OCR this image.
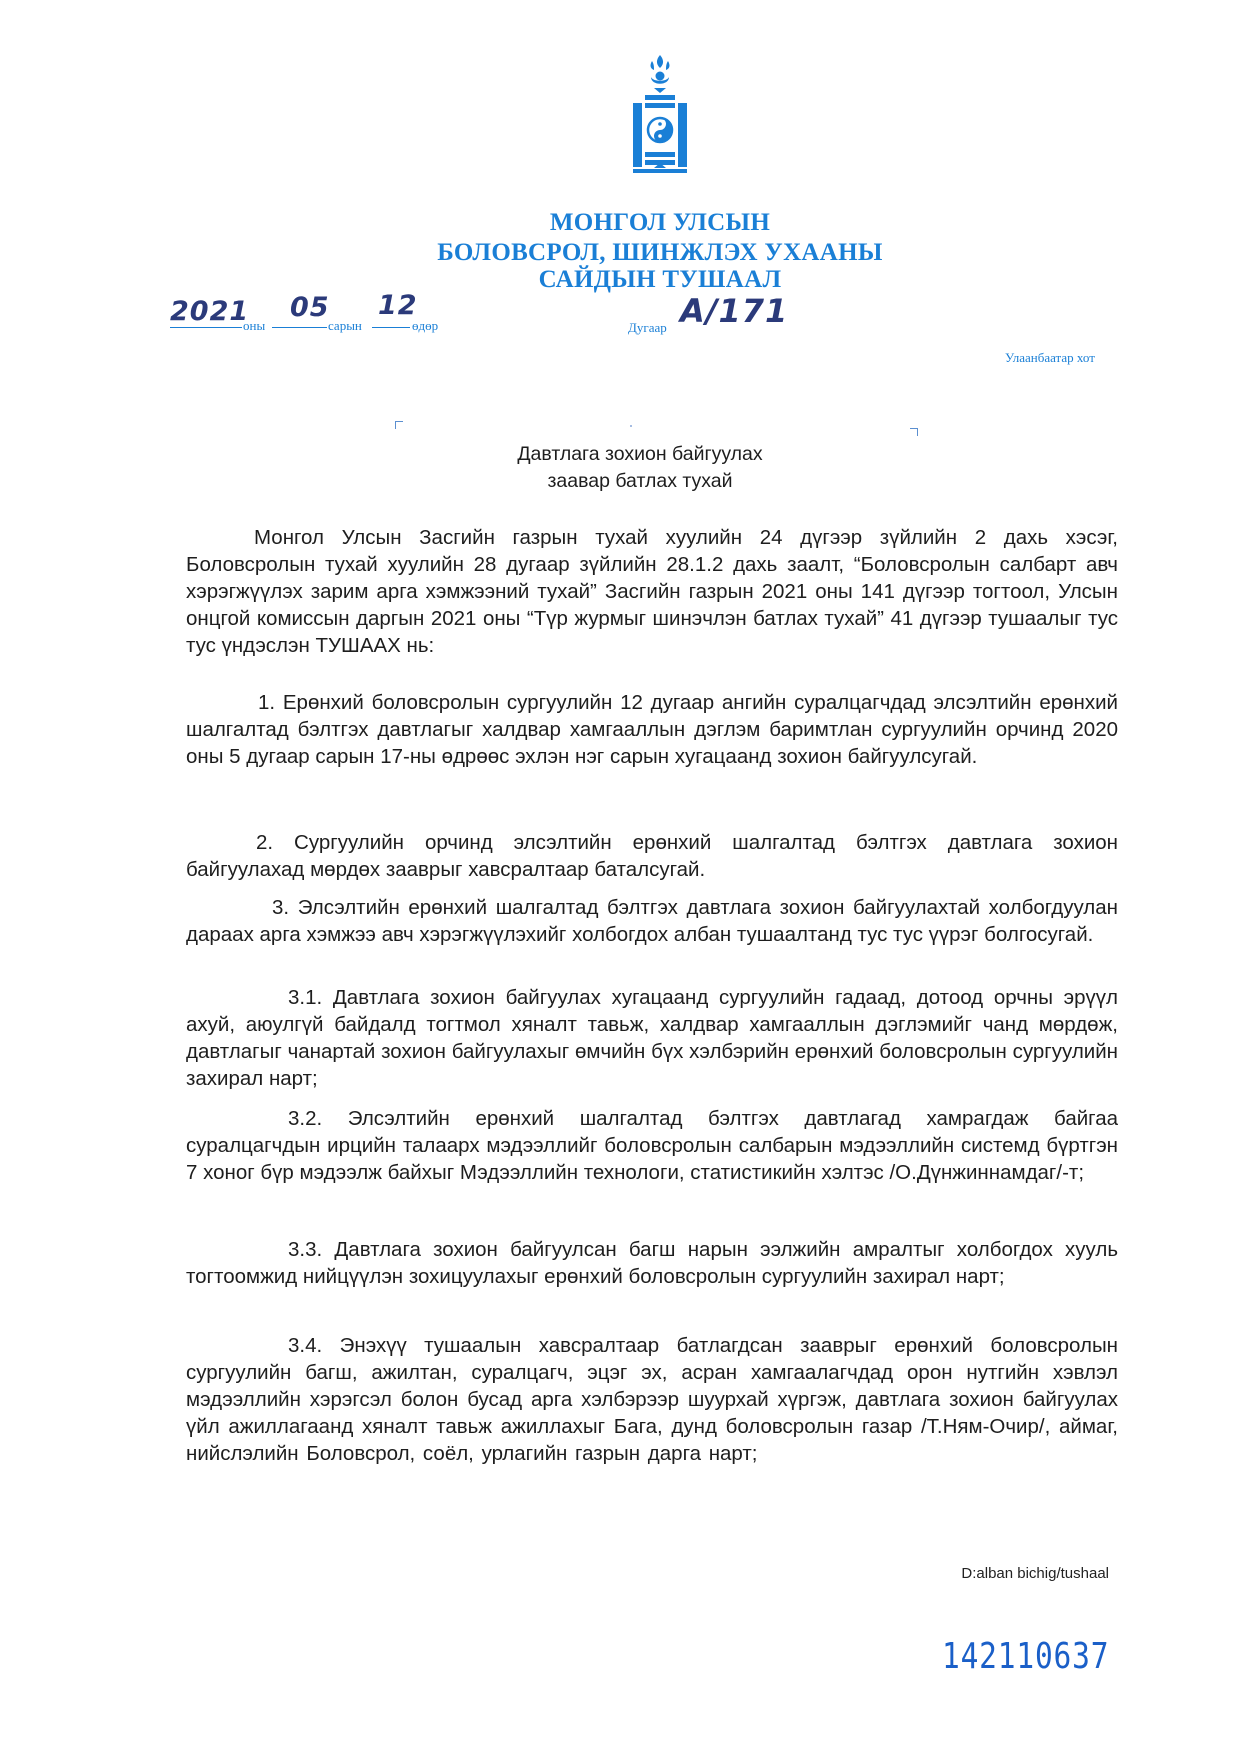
МОНГОЛ УЛСЫН
БОЛОВСРОЛ, ШИНЖЛЭХ УХААНЫ
САЙДЫН ТУШААЛ
2021
оны
05
сарын
12
өдөр	Дугаар А/171
Улаанбаатар хот
Давтлага зохион байгуулах
заавар батлах тухай

Монгол Улсын Засгийн газрын тухай хуулийн 24 дүгээр зүйлийн 2 дахь хэсэг, Боловсролын тухай хуулийн 28 дугаар зүйлийн 28.1.2 дахь заалт, “Боловсролын салбарт авч хэрэгжүүлэх зарим арга хэмжээний тухай” Засгийн газрын 2021 оны 141 дүгээр тогтоол, Улсын онцгой комиссын даргын 2021 оны “Түр журмыг шинэчлэн батлах тухай” 41 дүгээр тушаалыг тус тус үндэслэн ТУШААХ нь:

1. Ерөнхий боловсролын сургуулийн 12 дугаар ангийн суралцагчдад элсэлтийн ерөнхий шалгалтад бэлтгэх давтлагыг халдвар хамгааллын дэглэм баримтлан сургуулийн орчинд 2020 оны 5 дугаар сарын 17-ны өдрөөс эхлэн нэг сарын хугацаанд зохион байгуулсугай.

2. Сургуулийн орчинд элсэлтийн ерөнхий шалгалтад бэлтгэх давтлага зохион байгуулахад мөрдөх зааврыг хавсралтаар баталсугай.

3. Элсэлтийн ерөнхий шалгалтад бэлтгэх давтлага зохион байгуулахтай холбогдуулан дараах арга хэмжээ авч хэрэгжүүлэхийг холбогдох албан тушаалтанд тус тус үүрэг болгосугай.

3.1. Давтлага зохион байгуулах хугацаанд сургуулийн гадаад, дотоод орчны эрүүл ахуй, аюулгүй байдалд тогтмол хяналт тавьж, халдвар хамгааллын дэглэмийг чанд мөрдөж, давтлагыг чанартай зохион байгуулахыг өмчийн бүх хэлбэрийн ерөнхий боловсролын сургуулийн захирал нарт;

3.2. Элсэлтийн ерөнхий шалгалтад бэлтгэх давтлагад хамрагдаж байгаа суралцагчдын ирцийн талаарх мэдээллийг боловсролын салбарын мэдээллийн системд бүртгэн 7 хоног бүр мэдээлж байхыг Мэдээллийн технологи, статистикийн хэлтэс /О.Дүнжиннамдаг/-т;

3.3. Давтлага зохион байгуулсан багш нарын ээлжийн амралтыг холбогдох хууль тогтоомжид нийцүүлэн зохицуулахыг ерөнхий боловсролын сургуулийн захирал нарт;

3.4. Энэхүү тушаалын хавсралтаар батлагдсан зааврыг ерөнхий боловсролын сургуулийн багш, ажилтан, суралцагч, эцэг эх, асран хамгаалагчдад орон нутгийн хэвлэл мэдээллийн хэрэгсэл болон бусад арга хэлбэрээр шуурхай хүргэж, давтлага зохион байгуулах үйл ажиллагаанд хяналт тавьж ажиллахыг Бага, дунд боловсролын газар /Т.Ням-Очир/, аймаг, нийслэлийн Боловсрол, соёл, урлагийн газрын дарга нарт;

D:alban bichig/tushaal
142110637
